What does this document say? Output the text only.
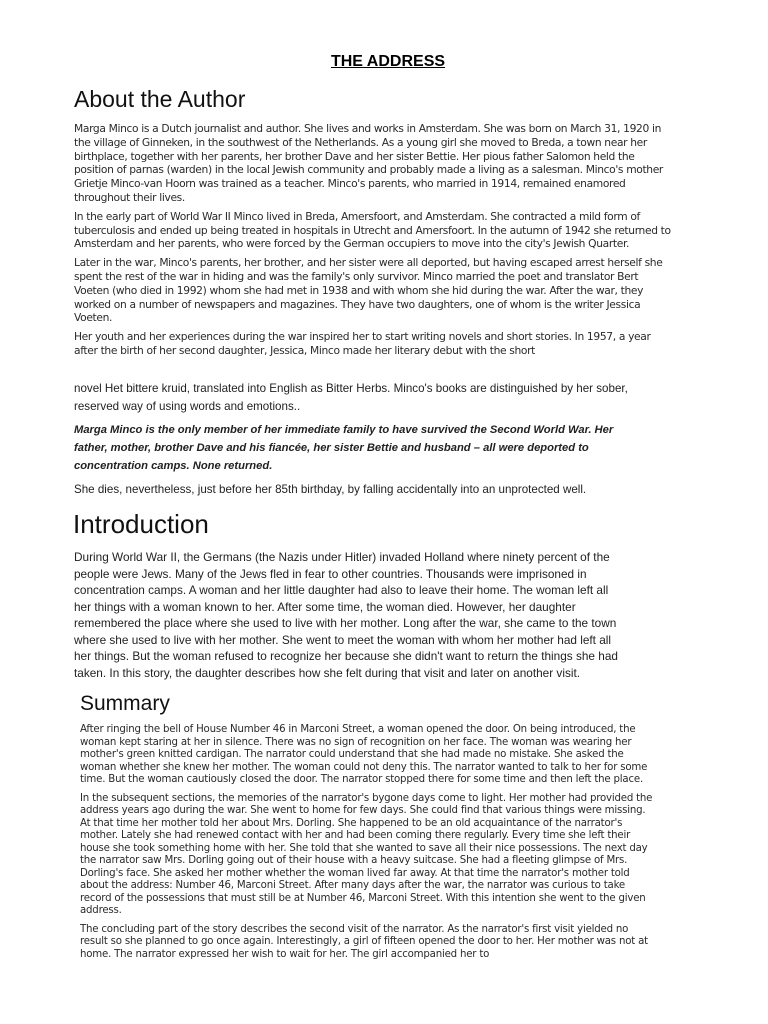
THE ADDRESS
About the Author

Marga Minco is a Dutch journalist and author. She lives and works in Amsterdam. She was born on March 31, 1920 in the village of Ginneken, in the southwest of the Netherlands. As a young girl she moved to Breda, a town near her birthplace, together with her parents, her brother Dave and her sister Bettie. Her pious father Salomon held the position of parnas (warden) in the local Jewish community and probably made a living as a salesman. Minco's mother Grietje Minco-van Hoorn was trained as a teacher. Minco's parents, who married in 1914, remained enamored throughout their lives.

In the early part of World War II Minco lived in Breda, Amersfoort, and Amsterdam. She contracted a mild form of tuberculosis and ended up being treated in hospitals in Utrecht and Amersfoort. In the autumn of 1942 she returned to Amsterdam and her parents, who were forced by the German occupiers to move into the city's Jewish Quarter.

Later in the war, Minco's parents, her brother, and her sister were all deported, but having escaped arrest herself she spent the rest of the war in hiding and was the family's only survivor. Minco married the poet and translator Bert Voeten (who died in 1992) whom she had met in 1938 and with whom she hid during the war. After the war, they worked on a number of newspapers and magazines. They have two daughters, one of whom is the writer Jessica Voeten.

Her youth and her experiences during the war inspired her to start writing novels and short stories. In 1957, a year after the birth of her second daughter, Jessica, Minco made her literary debut with the short

novel Het bittere kruid, translated into English as Bitter Herbs. Minco's books are distinguished by her sober, reserved way of using words and emotions..

Marga Minco is the only member of her immediate family to have survived the Second World War. Her father, mother, brother Dave and his fiancée, her sister Bettie and husband – all were deported to concentration camps. None returned.

She dies, nevertheless, just before her 85th birthday, by falling accidentally into an unprotected well.

Introduction

During World War II, the Germans (the Nazis under Hitler) invaded Holland where ninety percent of the people were Jews. Many of the Jews fled in fear to other countries. Thousands were imprisoned in concentration camps. A woman and her little daughter had also to leave their home. The woman left all her things with a woman known to her. After some time, the woman died. However, her daughter remembered the place where she used to live with her mother. Long after the war, she came to the town where she used to live with her mother. She went to meet the woman with whom her mother had left all her things. But the woman refused to recognize her because she didn't want to return the things she had taken. In this story, the daughter describes how she felt during that visit and later on another visit.

Summary

After ringing the bell of House Number 46 in Marconi Street, a woman opened the door. On being introduced, the woman kept staring at her in silence. There was no sign of recognition on her face. The woman was wearing her mother's green knitted cardigan. The narrator could understand that she had made no mistake. She asked the woman whether she knew her mother. The woman could not deny this. The narrator wanted to talk to her for some time. But the woman cautiously closed the door. The narrator stopped there for some time and then left the place.

In the subsequent sections, the memories of the narrator's bygone days come to light. Her mother had provided the address years ago during the war. She went to home for few days. She could find that various things were missing. At that time her mother told her about Mrs. Dorling. She happened to be an old acquaintance of the narrator's mother. Lately she had renewed contact with her and had been coming there regularly. Every time she left their house she took something home with her. She told that she wanted to save all their nice possessions. The next day the narrator saw Mrs. Dorling going out of their house with a heavy suitcase. She had a fleeting glimpse of Mrs. Dorling's face. She asked her mother whether the woman lived far away. At that time the narrator's mother told about the address: Number 46, Marconi Street. After many days after the war, the narrator was curious to take record of the possessions that must still be at Number 46, Marconi Street. With this intention she went to the given address.

The concluding part of the story describes the second visit of the narrator. As the narrator's first visit yielded no result so she planned to go once again. Interestingly, a girl of fifteen opened the door to her. Her mother was not at home. The narrator expressed her wish to wait for her. The girl accompanied her to
